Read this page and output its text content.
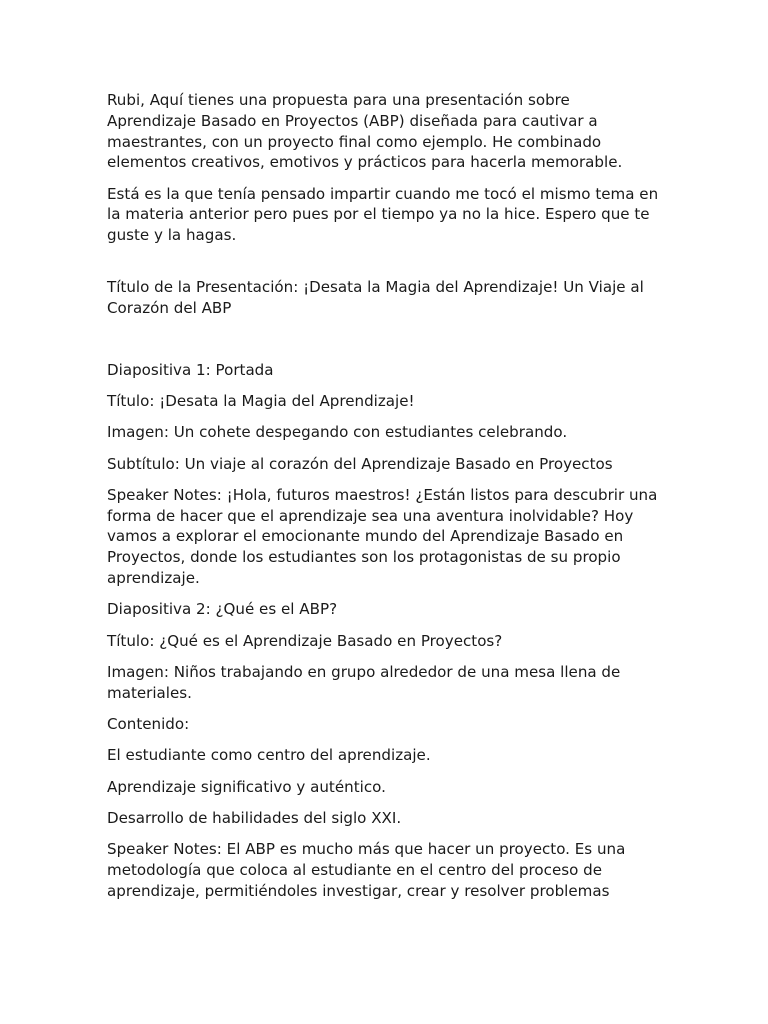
Rubi, Aquí tienes una propuesta para una presentación sobre Aprendizaje Basado en Proyectos (ABP) diseñada para cautivar a maestrantes, con un proyecto final como ejemplo. He combinado elementos creativos, emotivos y prácticos para hacerla memorable.

Está es la que tenía pensado impartir cuando me tocó el mismo tema en la materia anterior pero pues por el tiempo ya no la hice. Espero que te guste y la hagas.

Título de la Presentación: ¡Desata la Magia del Aprendizaje! Un Viaje al Corazón del ABP

Diapositiva 1: Portada

Título: ¡Desata la Magia del Aprendizaje!

Imagen: Un cohete despegando con estudiantes celebrando.

Subtítulo: Un viaje al corazón del Aprendizaje Basado en Proyectos

Speaker Notes: ¡Hola, futuros maestros! ¿Están listos para descubrir una forma de hacer que el aprendizaje sea una aventura inolvidable? Hoy vamos a explorar el emocionante mundo del Aprendizaje Basado en Proyectos, donde los estudiantes son los protagonistas de su propio aprendizaje.

Diapositiva 2: ¿Qué es el ABP?

Título: ¿Qué es el Aprendizaje Basado en Proyectos?

Imagen: Niños trabajando en grupo alrededor de una mesa llena de materiales.

Contenido:

El estudiante como centro del aprendizaje.

Aprendizaje significativo y auténtico.

Desarrollo de habilidades del siglo XXI.

Speaker Notes: El ABP es mucho más que hacer un proyecto. Es una metodología que coloca al estudiante en el centro del proceso de aprendizaje, permitiéndoles investigar, crear y resolver problemas
